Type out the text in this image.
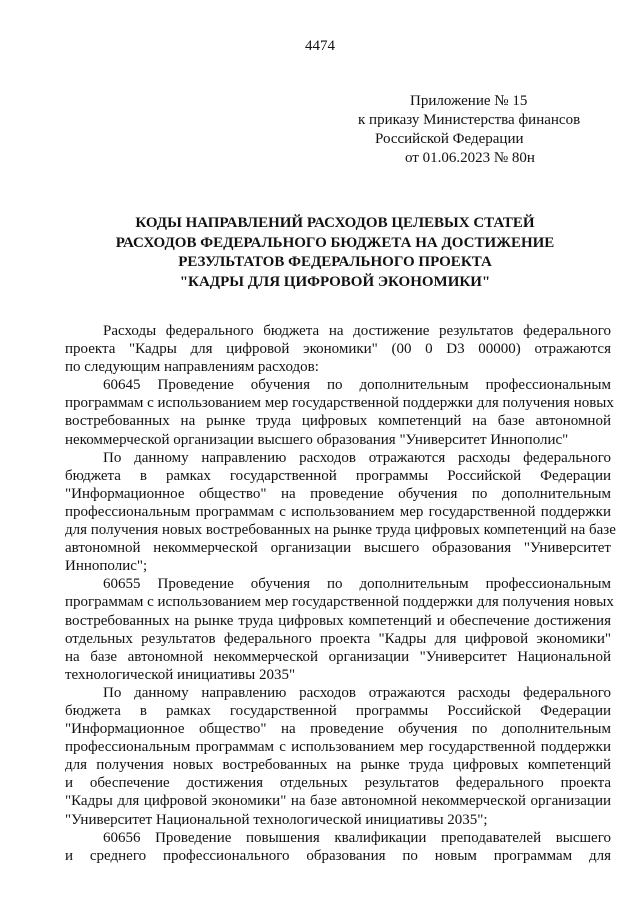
4474
Приложение № 15
к приказу Министерства финансов
Российской Федерации
от 01.06.2023 № 80н
КОДЫ НАПРАВЛЕНИЙ РАСХОДОВ ЦЕЛЕВЫХ СТАТЕЙ
РАСХОДОВ ФЕДЕРАЛЬНОГО БЮДЖЕТА НА ДОСТИЖЕНИЕ
РЕЗУЛЬТАТОВ ФЕДЕРАЛЬНОГО ПРОЕКТА
"КАДРЫ ДЛЯ ЦИФРОВОЙ ЭКОНОМИКИ"

Расходы федерального бюджета на достижение результатов федерального

проекта "Кадры для цифровой экономики" (00 0 D3 00000) отражаются

по следующим направлениям расходов:

60645 Проведение обучения по дополнительным профессиональным

программам с использованием мер государственной поддержки для получения новых

востребованных на рынке труда цифровых компетенций на базе автономной

некоммерческой организации высшего образования "Университет Иннополис"

По данному направлению расходов отражаются расходы федерального

бюджета в рамках государственной программы Российской Федерации

"Информационное общество" на проведение обучения по дополнительным

профессиональным программам с использованием мер государственной поддержки

для получения новых востребованных на рынке труда цифровых компетенций на базе

автономной некоммерческой организации высшего образования "Университет

Иннополис";

60655 Проведение обучения по дополнительным профессиональным

программам с использованием мер государственной поддержки для получения новых

востребованных на рынке труда цифровых компетенций и обеспечение достижения

отдельных результатов федерального проекта "Кадры для цифровой экономики"

на базе автономной некоммерческой организации "Университет Национальной

технологической инициативы 2035"

По данному направлению расходов отражаются расходы федерального

бюджета в рамках государственной программы Российской Федерации

"Информационное общество" на проведение обучения по дополнительным

профессиональным программам с использованием мер государственной поддержки

для получения новых востребованных на рынке труда цифровых компетенций

и обеспечение достижения отдельных результатов федерального проекта

"Кадры для цифровой экономики" на базе автономной некоммерческой организации

"Университет Национальной технологической инициативы 2035";

60656 Проведение повышения квалификации преподавателей высшего

и среднего профессионального образования по новым программам для
